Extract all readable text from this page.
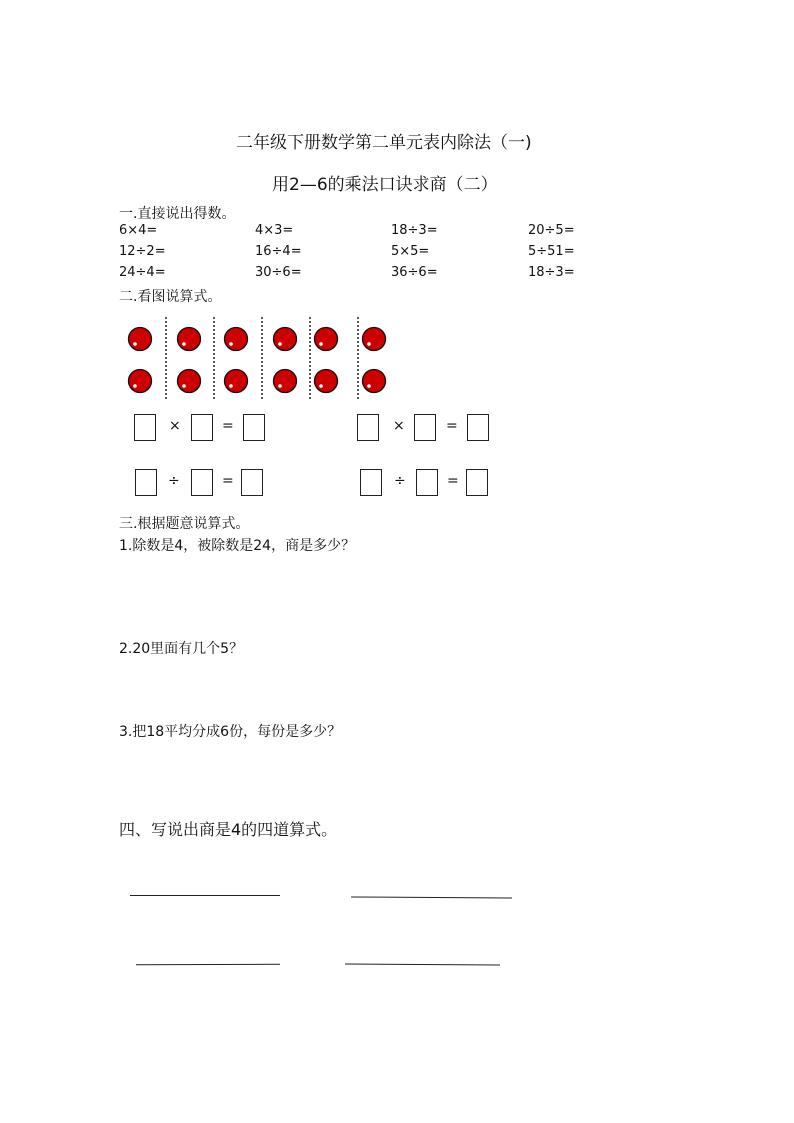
二年级下册数学第二单元表内除法（一)
用2—6的乘法口诀求商（二）
一.直接说出得数。
6×4=	4×3=	18÷3=	20÷5=
12÷2=	16÷4=	5×5=	5÷51=
24÷4=	30÷6=	36÷6=	18÷3=
二.看图说算式。
×	=	×	=
÷	=	÷	=
三.根据题意说算式。
1.除数是4，被除数是24，商是多少？
2.20里面有几个5？
3.把18平均分成6份，每份是多少？
四、写说出商是4的四道算式。
